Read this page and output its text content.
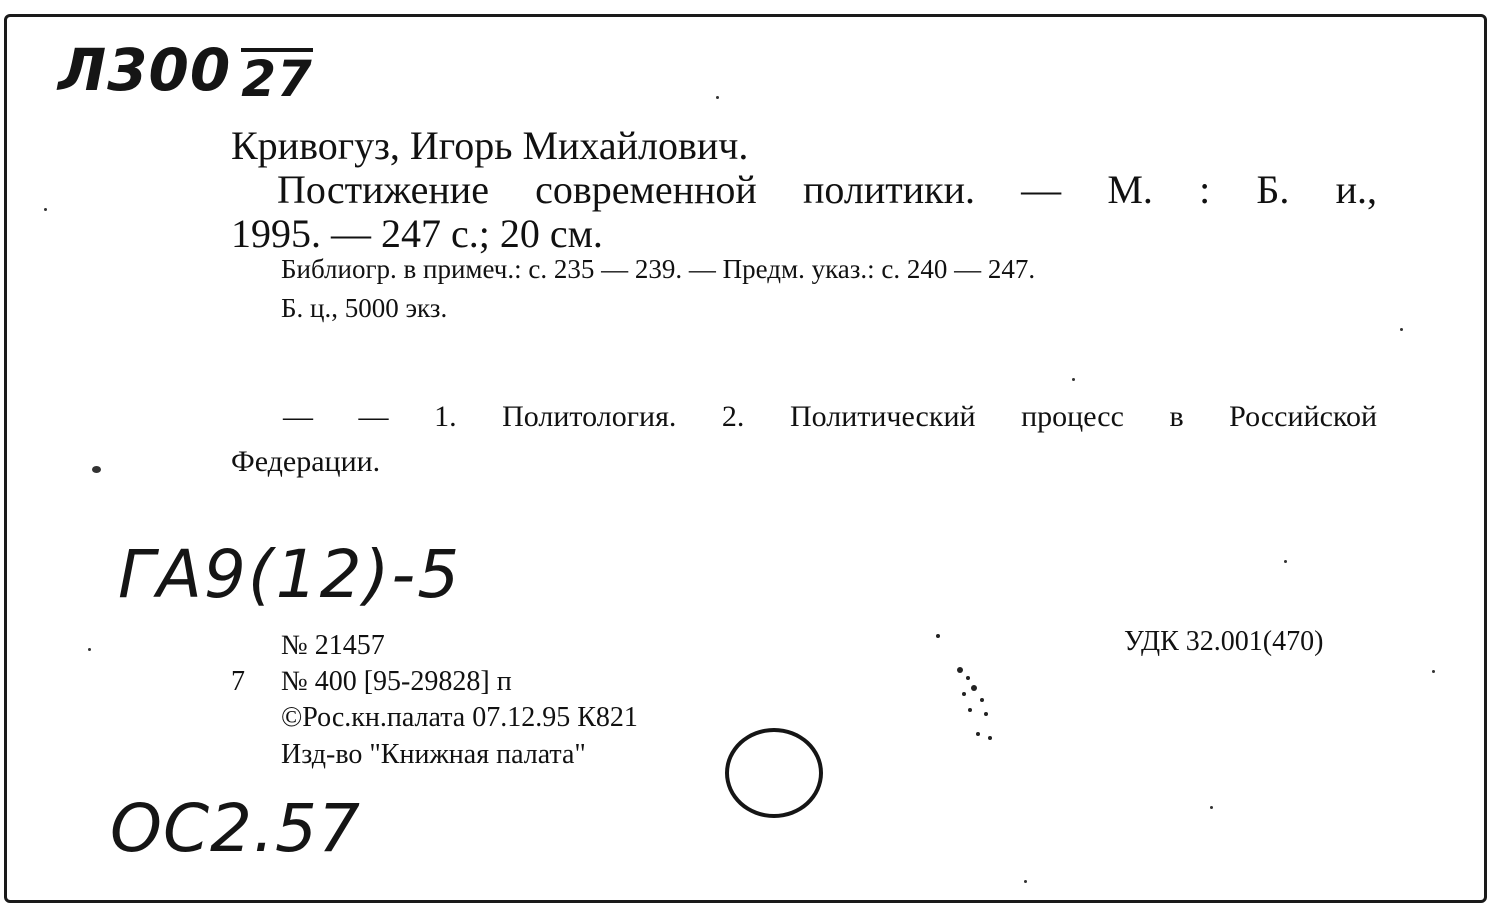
Л300 27
Кривогуз, Игорь Михайлович.
Постижение современной политики. — М. : Б. и.,
1995. — 247 с.; 20 см.
Библиогр. в примеч.: с. 235 — 239. — Предм. указ.: с. 240 — 247.
Б. ц., 5000 экз.
— — 1. Политология. 2. Политический процесс в Российской
Федерации.
ГА9(12)-5
№ 21457
7 № 400 [95-29828] п
©Рос.кн.палата 07.12.95 К821
Изд-во "Книжная палата"
УДК 32.001(470)
ОС2.57
